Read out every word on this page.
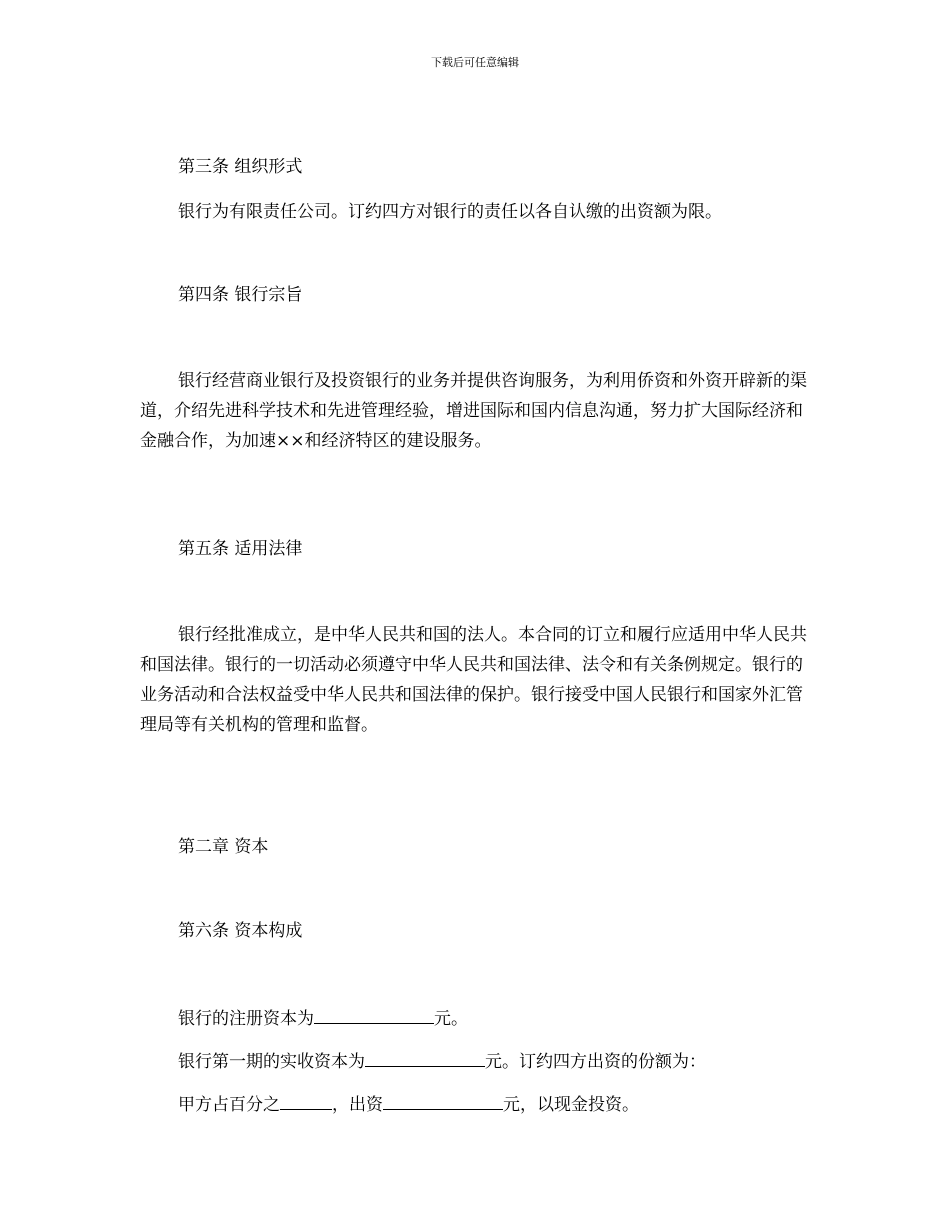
下载后可任意编辑
第三条 组织形式
银行为有限责任公司。订约四方对银行的责任以各自认缴的出资额为限。
第四条 银行宗旨

银行经营商业银行及投资银行的业务并提供咨询服务，为利用侨资和外资开辟新的渠道，介绍先进科学技术和先进管理经验，增进国际和国内信息沟通，努力扩大国际经济和金融合作，为加速××和经济特区的建设服务。

第五条 适用法律

银行经批准成立，是中华人民共和国的法人。本合同的订立和履行应适用中华人民共和国法律。银行的一切活动必须遵守中华人民共和国法律、法令和有关条例规定。银行的业务活动和合法权益受中华人民共和国法律的保护。银行接受中国人民银行和国家外汇管理局等有关机构的管理和监督。

第二章 资本
第六条 资本构成
银行的注册资本为	元。
银行第一期的实收资本为	元。订约四方出资的份额为：
甲方占百分之	，出资	元，以现金投资。
